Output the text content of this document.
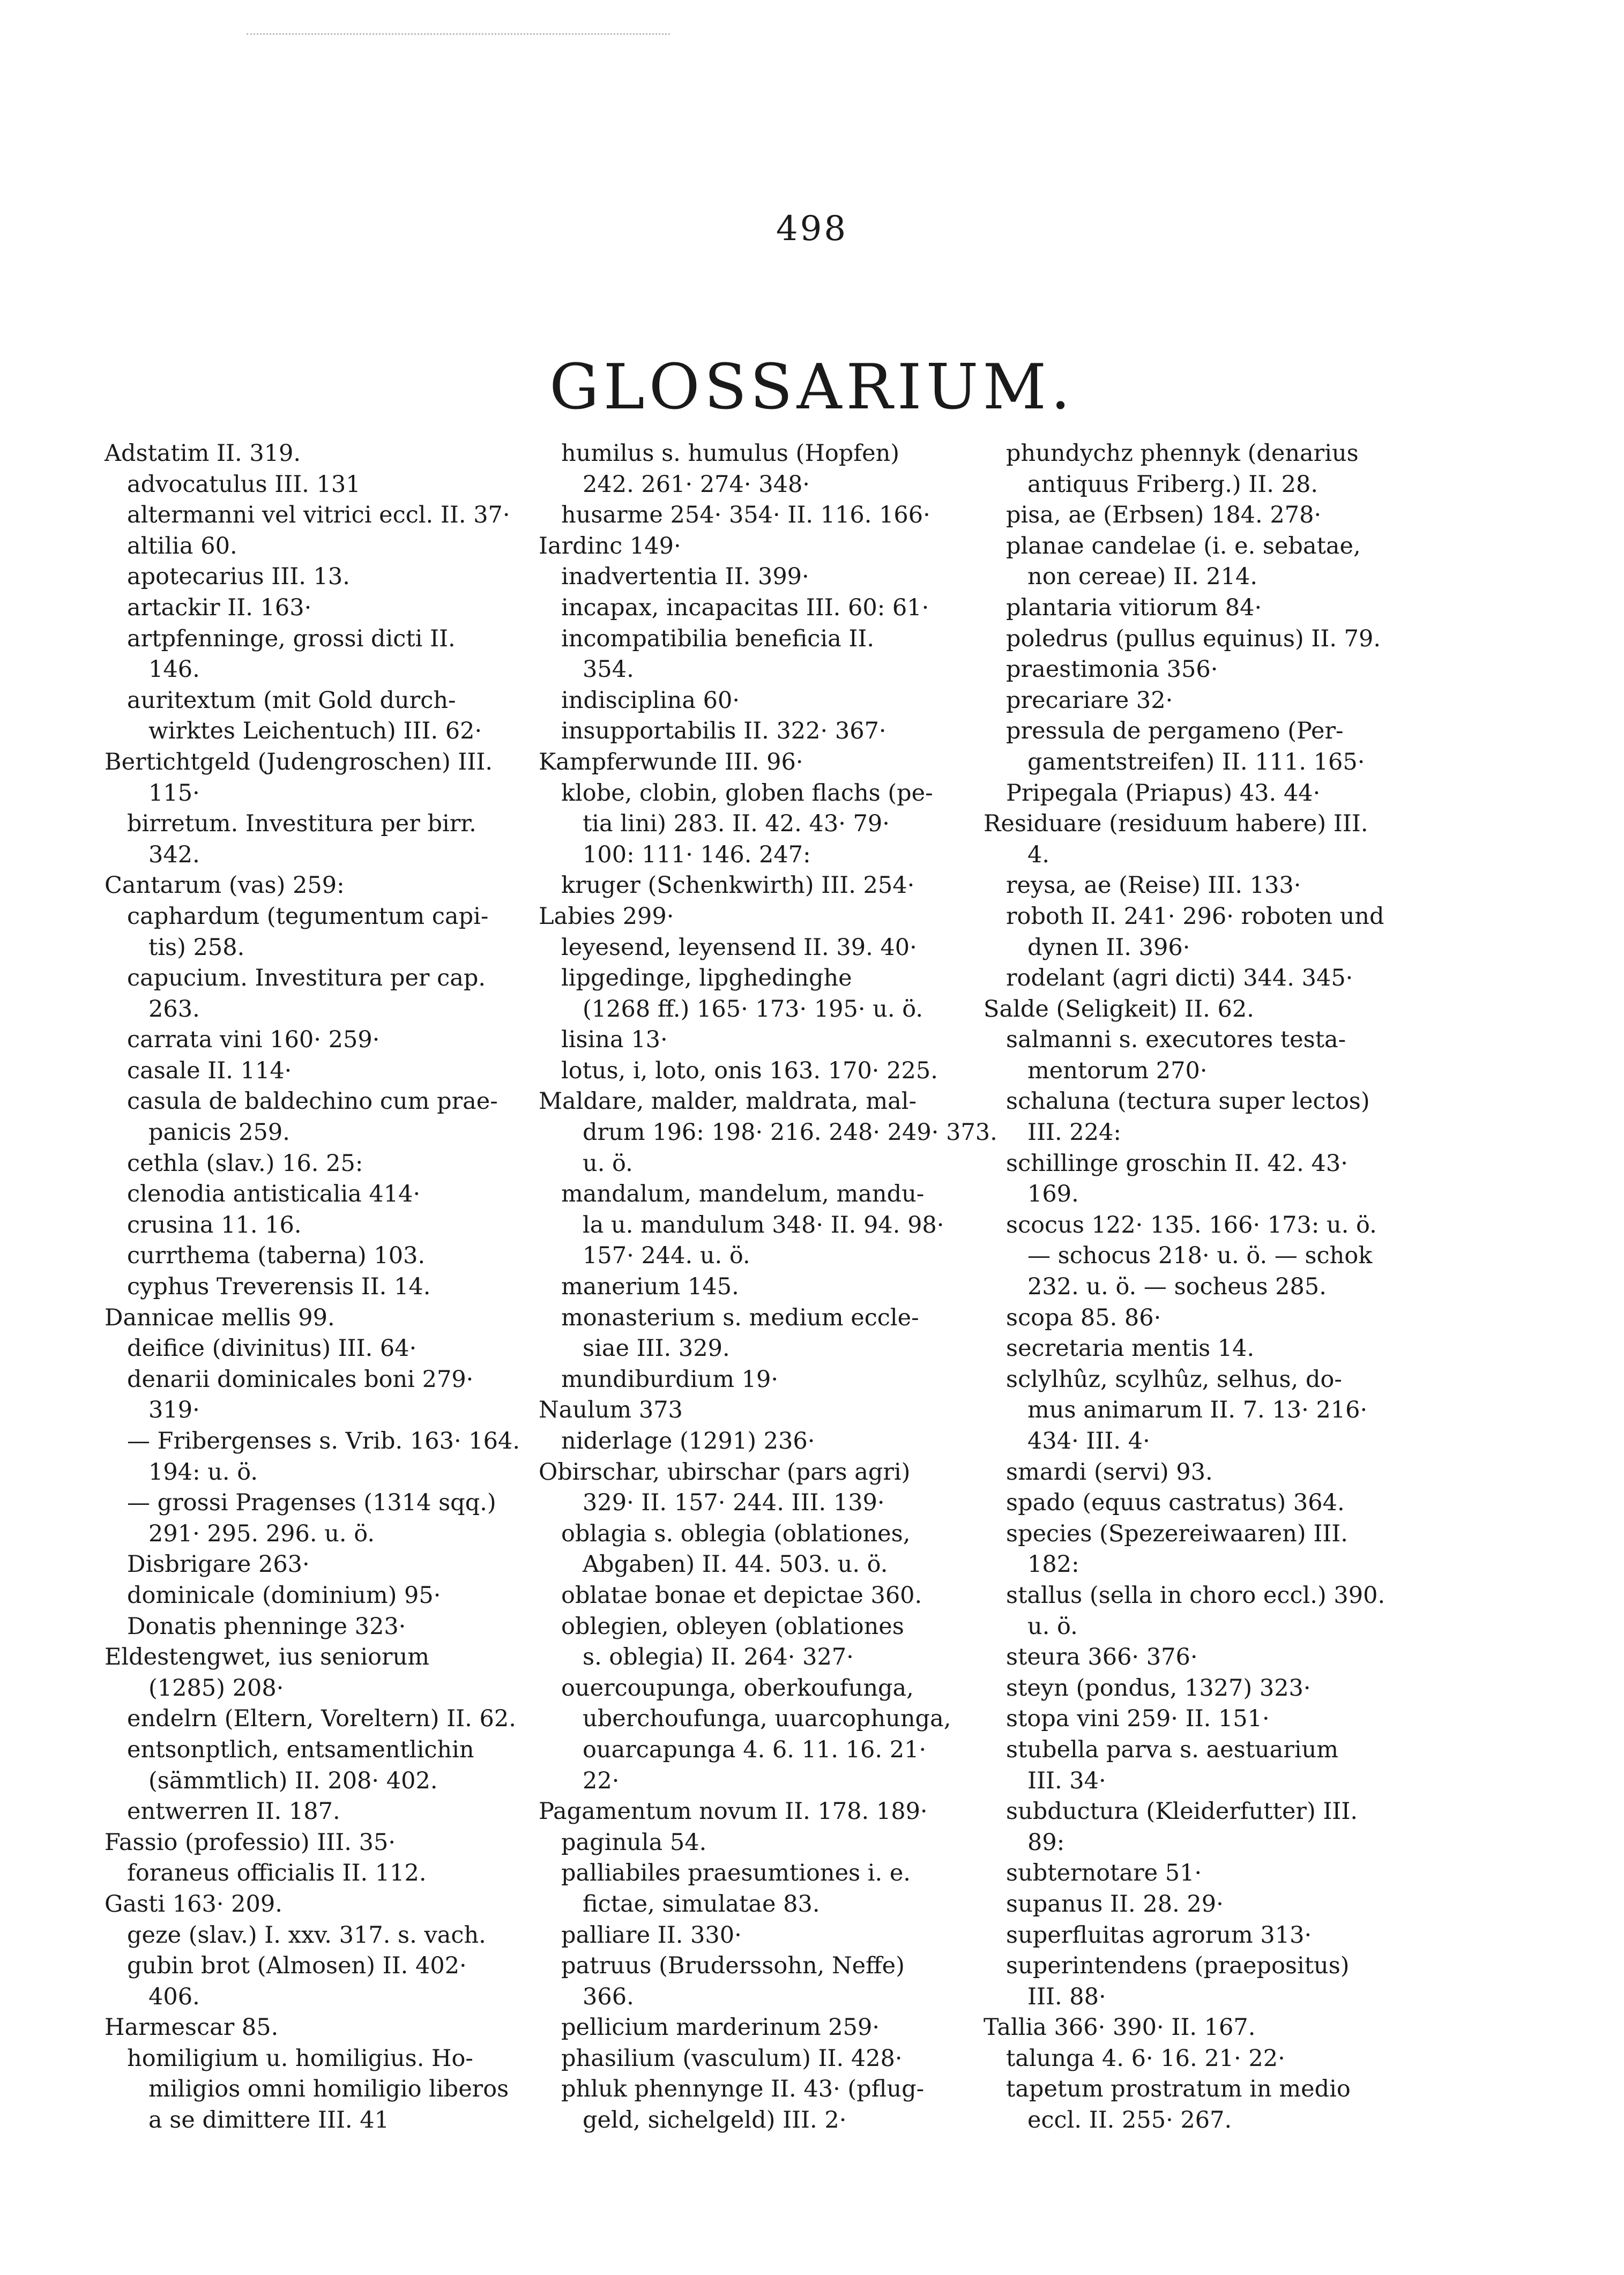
498
GLOSSARIUM.
Adstatim II. 319.
advocatulus III. 131
altermanni vel vitrici eccl. II. 37·
altilia 60.
apotecarius III. 13.
artackir II. 163·
artpfenninge, grossi dicti II.
146.
auritextum (mit Gold durch-
wirktes Leichentuch) III. 62·
Bertichtgeld (Judengroschen) III.
115·
birretum. Investitura per birr.
342.
Cantarum (vas) 259:
caphardum (tegumentum capi-
tis) 258.
capucium. Investitura per cap.
263.
carrata vini 160· 259·
casale II. 114·
casula de baldechino cum prae-
panicis 259.
cethla (slav.) 16. 25:
clenodia antisticalia 414·
crusina 11. 16.
currthema (taberna) 103.
cyphus Treverensis II. 14.
Dannicae mellis 99.
deifice (divinitus) III. 64·
denarii dominicales boni 279·
319·
— Fribergenses s. Vrib. 163· 164.
194: u. ö.
— grossi Pragenses (1314 sqq.)
291· 295. 296. u. ö.
Disbrigare 263·
dominicale (dominium) 95·
Donatis phenninge 323·
Eldestengwet, ius seniorum
(1285) 208·
endelrn (Eltern, Voreltern) II. 62.
entsonptlich, entsamentlichin
(sämmtlich) II. 208· 402.
entwerren II. 187.
Fassio (professio) III. 35·
foraneus officialis II. 112.
Gasti 163· 209.
geze (slav.) I. xxv. 317. s. vach.
gubin brot (Almosen) II. 402·
406.
Harmescar 85.
homiligium u. homiligius. Ho-
miligios omni homiligio liberos
a se dimittere III. 41
humilus s. humulus (Hopfen)
242. 261· 274· 348·
husarme 254· 354· II. 116. 166·
Iardinc 149·
inadvertentia II. 399·
incapax, incapacitas III. 60: 61·
incompatibilia beneficia II.
354.
indisciplina 60·
insupportabilis II. 322· 367·
Kampferwunde III. 96·
klobe, clobin, globen flachs (pe-
tia lini) 283. II. 42. 43· 79·
100: 111· 146. 247:
kruger (Schenkwirth) III. 254·
Labies 299·
leyesend, leyensend II. 39. 40·
lipgedinge, lipghedinghe
(1268 ff.) 165· 173· 195· u. ö.
lisina 13·
lotus, i, loto, onis 163. 170· 225.
Maldare, malder, maldrata, mal-
drum 196: 198· 216. 248· 249· 373.
u. ö.
mandalum, mandelum, mandu-
la u. mandulum 348· II. 94. 98·
157· 244. u. ö.
manerium 145.
monasterium s. medium eccle-
siae III. 329.
mundiburdium 19·
Naulum 373
niderlage (1291) 236·
Obirschar, ubirschar (pars agri)
329· II. 157· 244. III. 139·
oblagia s. oblegia (oblationes,
Abgaben) II. 44. 503. u. ö.
oblatae bonae et depictae 360.
oblegien, obleyen (oblationes
s. oblegia) II. 264· 327·
ouercoupunga, oberkoufunga,
uberchoufunga, uuarcophunga,
ouarcapunga 4. 6. 11. 16. 21·
22·
Pagamentum novum II. 178. 189·
paginula 54.
palliabiles praesumtiones i. e.
fictae, simulatae 83.
palliare II. 330·
patruus (Bruderssohn, Neffe)
366.
pellicium marderinum 259·
phasilium (vasculum) II. 428·
phluk phennynge II. 43· (pflug-
geld, sichelgeld) III. 2·
phundychz phennyk (denarius
antiquus Friberg.) II. 28.
pisa, ae (Erbsen) 184. 278·
planae candelae (i. e. sebatae,
non cereae) II. 214.
plantaria vitiorum 84·
poledrus (pullus equinus) II. 79.
praestimonia 356·
precariare 32·
pressula de pergameno (Per-
gamentstreifen) II. 111. 165·
Pripegala (Priapus) 43. 44·
Residuare (residuum habere) III.
4.
reysa, ae (Reise) III. 133·
roboth II. 241· 296· roboten und
dynen II. 396·
rodelant (agri dicti) 344. 345·
Salde (Seligkeit) II. 62.
salmanni s. executores testa-
mentorum 270·
schaluna (tectura super lectos)
III. 224:
schillinge groschin II. 42. 43·
169.
scocus 122· 135. 166· 173: u. ö.
— schocus 218· u. ö. — schok
232. u. ö. — socheus 285.
scopa 85. 86·
secretaria mentis 14.
sclylhûz, scylhûz, selhus, do-
mus animarum II. 7. 13· 216·
434· III. 4·
smardi (servi) 93.
spado (equus castratus) 364.
species (Spezereiwaaren) III.
182:
stallus (sella in choro eccl.) 390.
u. ö.
steura 366· 376·
steyn (pondus, 1327) 323·
stopa vini 259· II. 151·
stubella parva s. aestuarium
III. 34·
subductura (Kleiderfutter) III.
89:
subternotare 51·
supanus II. 28. 29·
superfluitas agrorum 313·
superintendens (praepositus)
III. 88·
Tallia 366· 390· II. 167.
talunga 4. 6· 16. 21· 22·
tapetum prostratum in medio
eccl. II. 255· 267.
